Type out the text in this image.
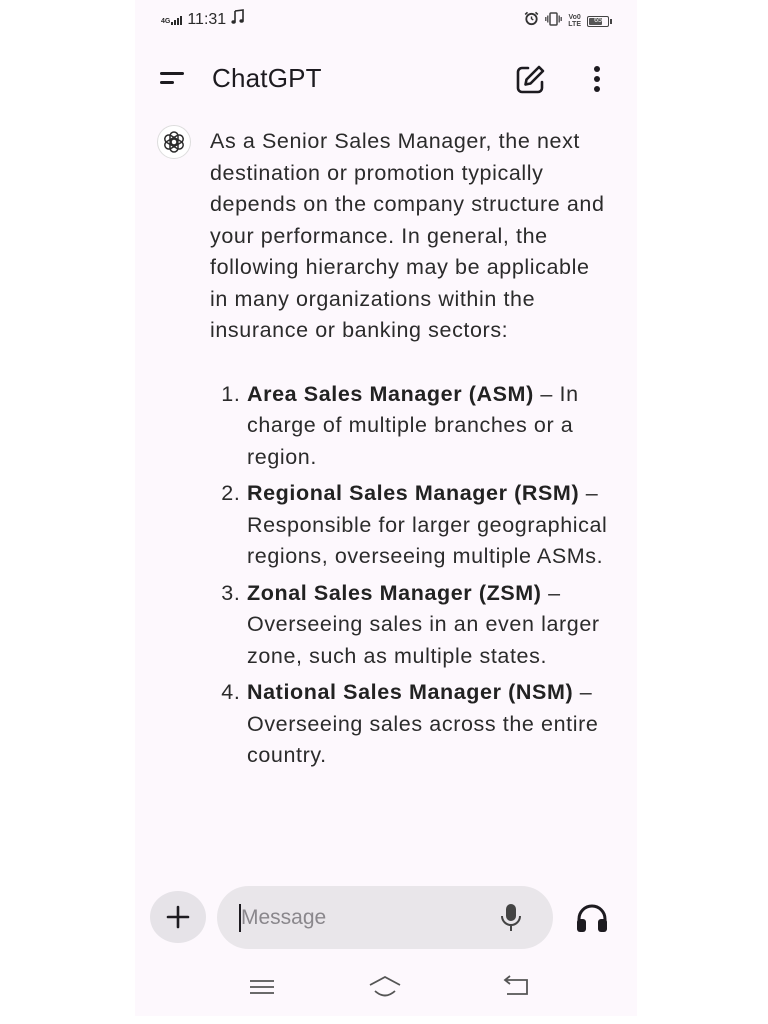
4G 11:31	Vo0
LTE
65
ChatGPT

As a Senior Sales Manager, the next destination or promotion typically depends on the company structure and your performance. In general, the following hierarchy may be applicable in many organizations within the insurance or banking sectors:

1. Area Sales Manager (ASM) – In charge of multiple branches or a region.
2. Regional Sales Manager (RSM) – Responsible for larger geographical regions, overseeing multiple ASMs.
3. Zonal Sales Manager (ZSM) – Overseeing sales in an even larger zone, such as multiple states.
4. National Sales Manager (NSM) – Overseeing sales across the entire country.
Message
